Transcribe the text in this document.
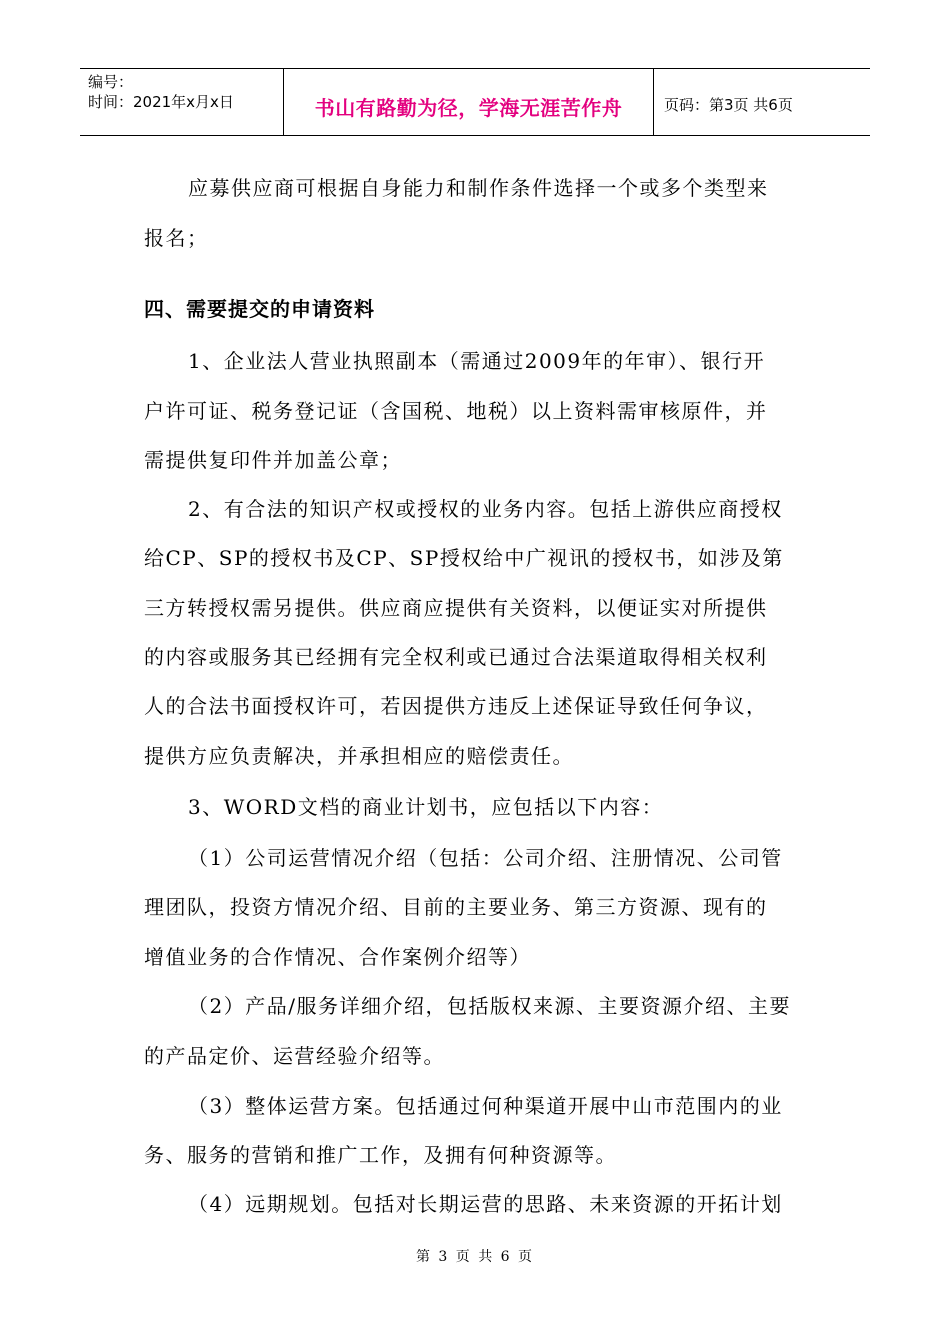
编号：
时间：2021年x月x日	书山有路勤为径，学海无涯苦作舟	页码：第3页 共6页
应募供应商可根据自身能力和制作条件选择一个或多个类型来
报名；
四、需要提交的申请资料
1、企业法人营业执照副本（需通过2009年的年审）、银行开
户许可证、税务登记证（含国税、地税）以上资料需审核原件，并
需提供复印件并加盖公章；
2、有合法的知识产权或授权的业务内容。包括上游供应商授权
给CP、SP的授权书及CP、SP授权给中广视讯的授权书，如涉及第
三方转授权需另提供。供应商应提供有关资料，以便证实对所提供
的内容或服务其已经拥有完全权利或已通过合法渠道取得相关权利
人的合法书面授权许可，若因提供方违反上述保证导致任何争议，
提供方应负责解决，并承担相应的赔偿责任。
3、WORD文档的商业计划书，应包括以下内容：
（1）公司运营情况介绍（包括：公司介绍、注册情况、公司管
理团队，投资方情况介绍、目前的主要业务、第三方资源、现有的
增值业务的合作情况、合作案例介绍等）
（2）产品/服务详细介绍，包括版权来源、主要资源介绍、主要
的产品定价、运营经验介绍等。
（3）整体运营方案。包括通过何种渠道开展中山市范围内的业
务、服务的营销和推广工作，及拥有何种资源等。
（4）远期规划。包括对长期运营的思路、未来资源的开拓计划
第 3 页 共 6 页
